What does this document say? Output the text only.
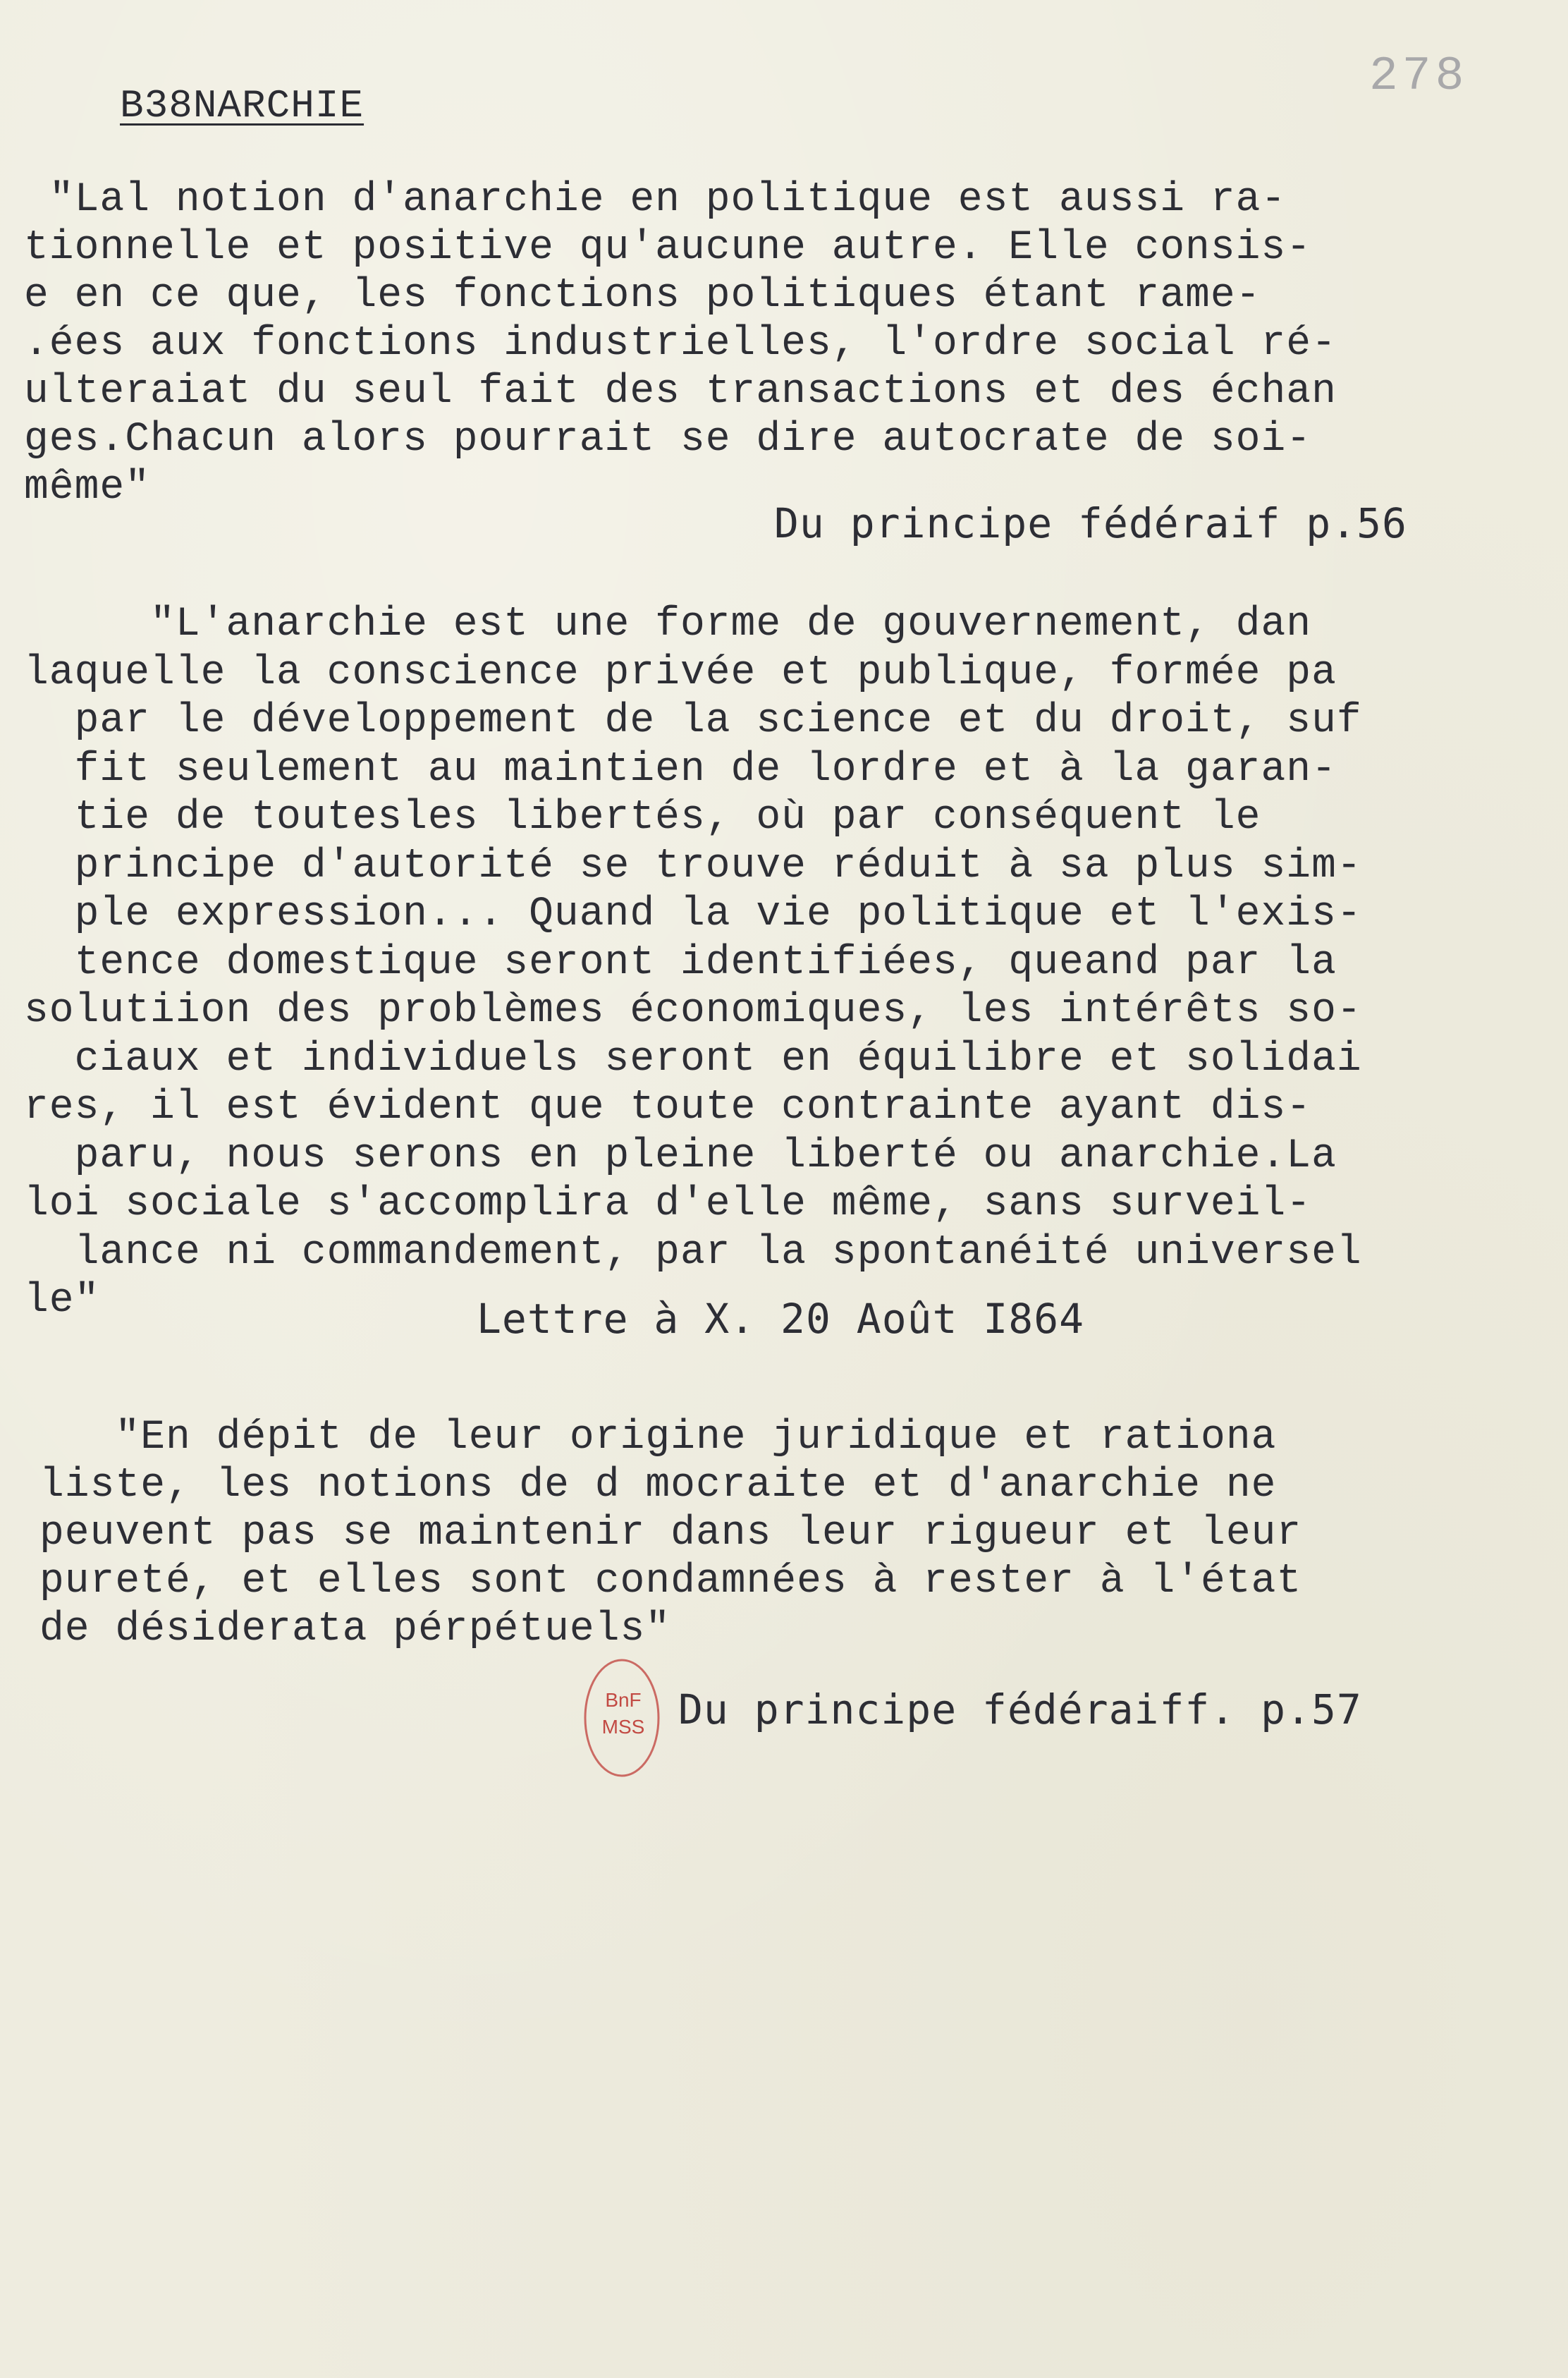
278
B38NARCHIE
"Lal notion d'anarchie en politique est aussi ra-
tionnelle et positive qu'aucune autre. Elle consis-
e en ce que, les fonctions politiques étant rame-
.ées aux fonctions industrielles, l'ordre social ré-
ulteraiat du seul fait des transactions et des échan
ges.Chacun alors pourrait se dire autocrate de soi-
même"
Du principe fédéraif p.56
"L'anarchie est une forme de gouvernement, dan
laquelle la conscience privée et publique, formée pa
par le développement de la science et du droit, suf
fit seulement au maintien de lordre et à la garan-
tie de toutesles libertés, où par conséquent le
principe d'autorité se trouve réduit à sa plus sim-
ple expression... Quand la vie politique et l'exis-
tence domestique seront identifiées, queand par la
solutiion des problèmes économiques, les intérêts so-
ciaux et individuels seront en équilibre et solidai
res, il est évident que toute contrainte ayant dis-
paru, nous serons en pleine liberté ou anarchie.La
loi sociale s'accomplira d'elle même, sans surveil-
lance ni commandement, par la spontanéité universel
le"	Lettre à X. 20 Août I864
"En dépit de leur origine juridique et rationa
liste, les notions de d mocraite et d'anarchie ne
peuvent pas se maintenir dans leur rigueur et leur
pureté, et elles sont condamnées à rester à l'état
de désiderata pérpétuels"
BnF
MSS Du principe fédéraiff. p.57
